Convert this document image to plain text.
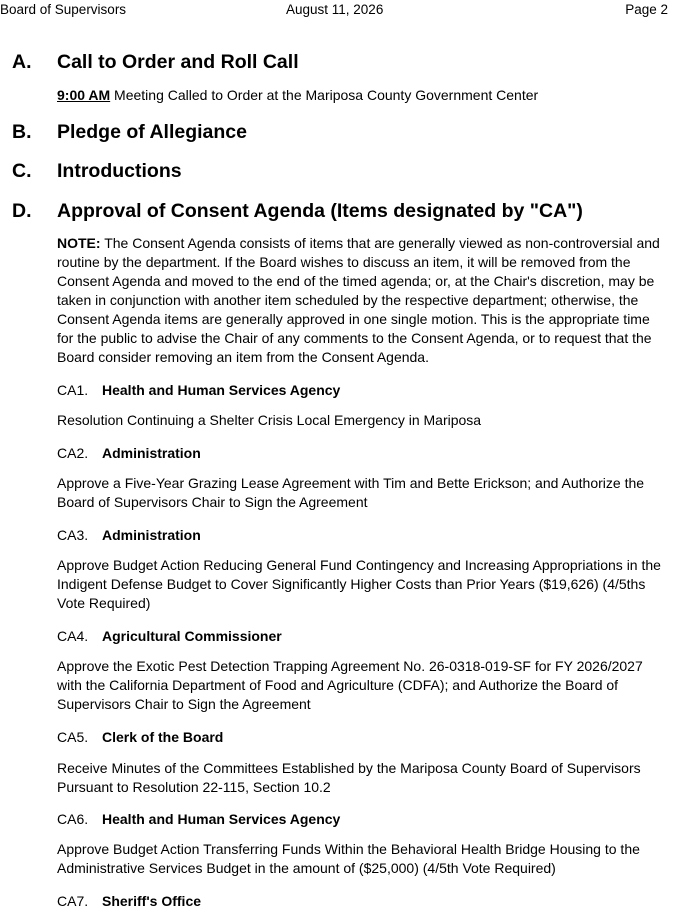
Board of Supervisors	August 11, 2026	Page 2
A. Call to Order and Roll Call
9:00 AM Meeting Called to Order at the Mariposa County Government Center
B. Pledge of Allegiance
C. Introductions
D. Approval of Consent Agenda (Items designated by "CA")
NOTE: The Consent Agenda consists of items that are generally viewed as non-controversial and routine by the department. If the Board wishes to discuss an item, it will be removed from the Consent Agenda and moved to the end of the timed agenda; or, at the Chair's discretion, may be taken in conjunction with another item scheduled by the respective department; otherwise, the Consent Agenda items are generally approved in one single motion. This is the appropriate time for the public to advise the Chair of any comments to the Consent Agenda, or to request that the Board consider removing an item from the Consent Agenda.
CA1. Health and Human Services Agency
Resolution Continuing a Shelter Crisis Local Emergency in Mariposa
CA2. Administration
Approve a Five-Year Grazing Lease Agreement with Tim and Bette Erickson; and Authorize the Board of Supervisors Chair to Sign the Agreement
CA3. Administration
Approve Budget Action Reducing General Fund Contingency and Increasing Appropriations in the Indigent Defense Budget to Cover Significantly Higher Costs than Prior Years ($19,626) (4/5ths Vote Required)
CA4. Agricultural Commissioner
Approve the Exotic Pest Detection Trapping Agreement No. 26-0318-019-SF for FY 2026/2027 with the California Department of Food and Agriculture (CDFA); and Authorize the Board of Supervisors Chair to Sign the Agreement
CA5. Clerk of the Board
Receive Minutes of the Committees Established by the Mariposa County Board of Supervisors Pursuant to Resolution 22-115, Section 10.2
CA6. Health and Human Services Agency
Approve Budget Action Transferring Funds Within the Behavioral Health Bridge Housing to the Administrative Services Budget in the amount of ($25,000) (4/5th Vote Required)
CA7. Sheriff's Office
